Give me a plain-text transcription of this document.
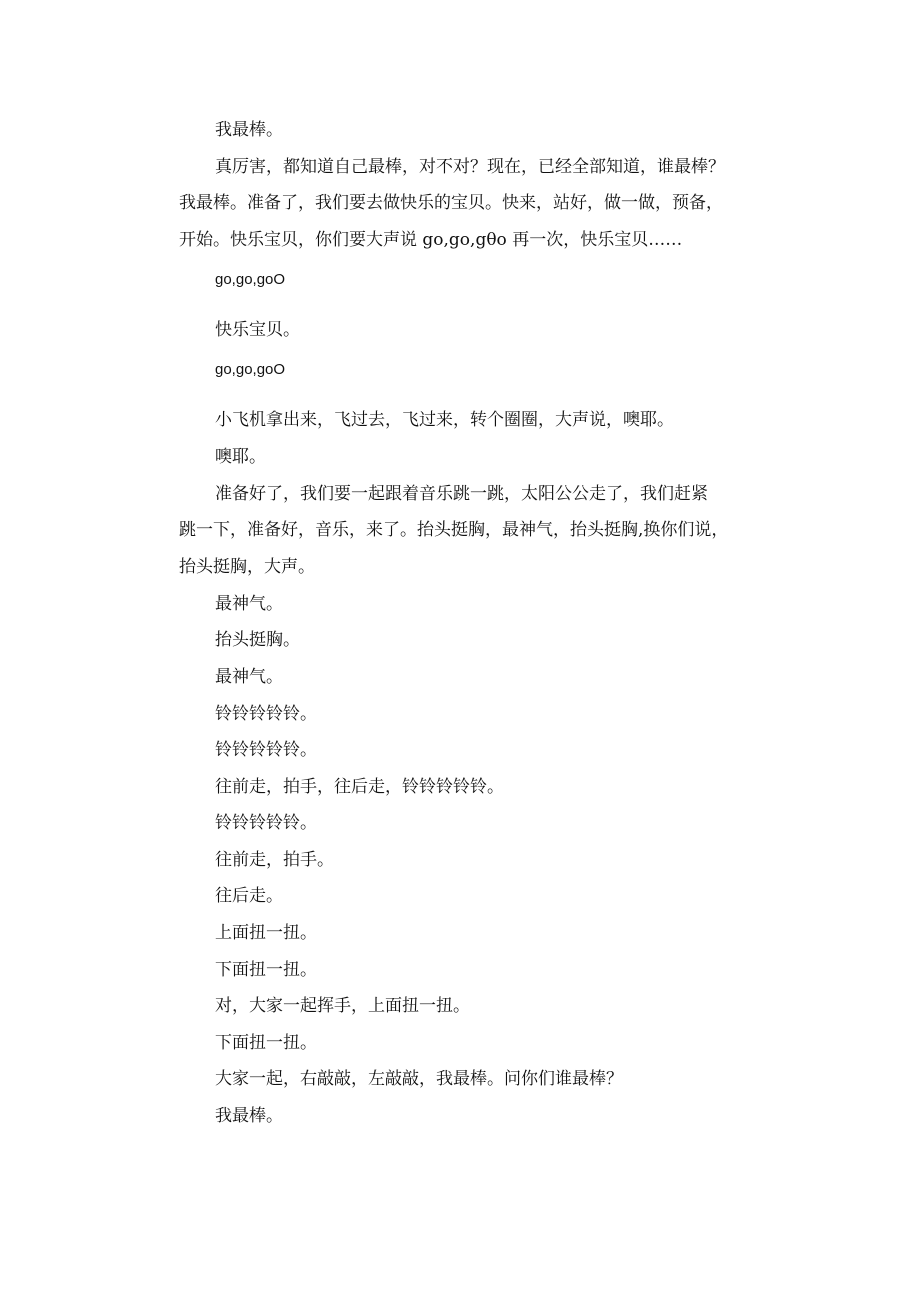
我最棒。
真厉害，都知道自己最棒，对不对？现在，已经全部知道，谁最棒？
我最棒。准备了，我们要去做快乐的宝贝。快来，站好，做一做，预备，
开始。快乐宝贝，你们要大声说 go,go,gθo 再一次，快乐宝贝……
go,go,goO
快乐宝贝。
go,go,goO
小飞机拿出来，飞过去，飞过来，转个圈圈，大声说，噢耶。
噢耶。
准备好了，我们要一起跟着音乐跳一跳，太阳公公走了，我们赶紧
跳一下，准备好，音乐，来了。抬头挺胸，最神气，抬头挺胸,换你们说，
抬头挺胸，大声。
最神气。
抬头挺胸。
最神气。
铃铃铃铃铃。
铃铃铃铃铃。
往前走，拍手，往后走，铃铃铃铃铃。
铃铃铃铃铃。
往前走，拍手。
往后走。
上面扭一扭。
下面扭一扭。
对，大家一起挥手，上面扭一扭。
下面扭一扭。
大家一起，右敲敲，左敲敲，我最棒。问你们谁最棒？
我最棒。
